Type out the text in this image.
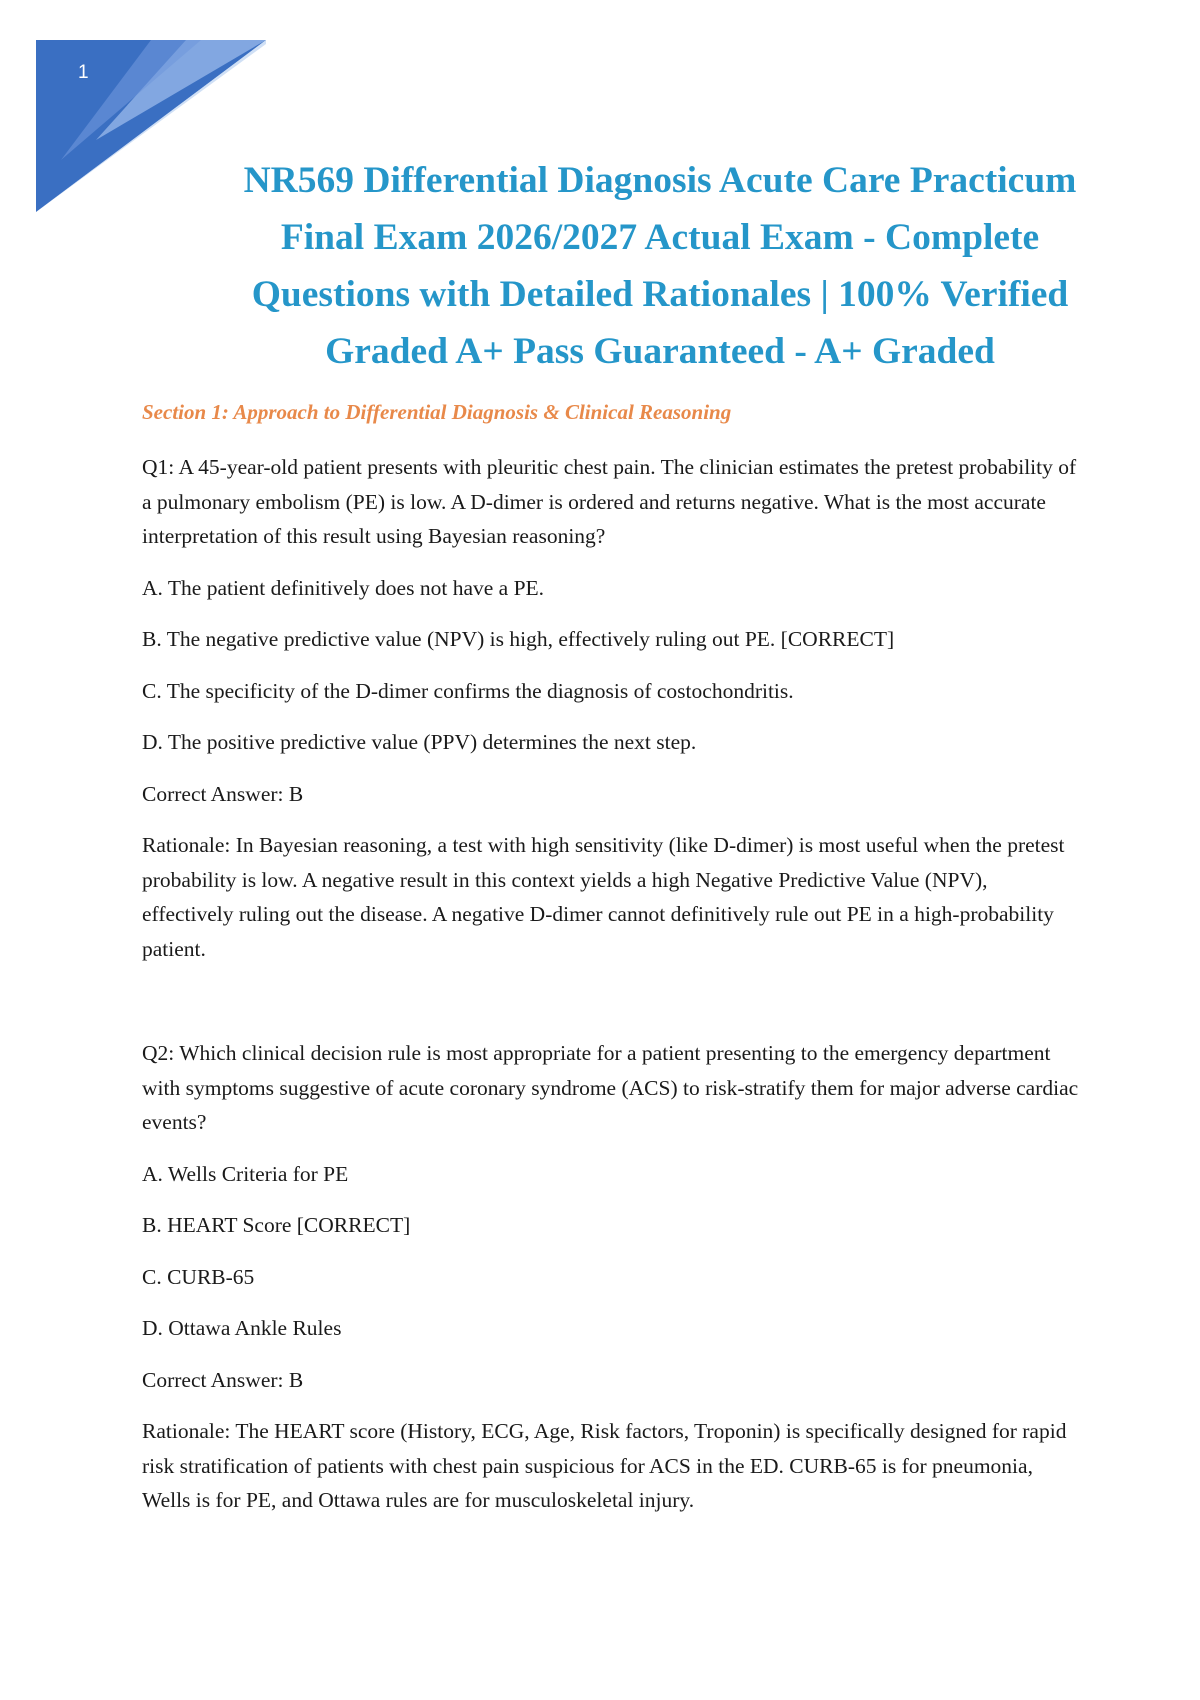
1
NR569 Differential Diagnosis Acute Care Practicum
Final Exam 2026/2027 Actual Exam - Complete
Questions with Detailed Rationales | 100% Verified
Graded A+ Pass Guaranteed - A+ Graded
Section 1: Approach to Differential Diagnosis & Clinical Reasoning

Q1: A 45-year-old patient presents with pleuritic chest pain. The clinician estimates the pretest probability of a pulmonary embolism (PE) is low. A D-dimer is ordered and returns negative. What is the most accurate interpretation of this result using Bayesian reasoning?

A. The patient definitively does not have a PE.

B. The negative predictive value (NPV) is high, effectively ruling out PE. [CORRECT]

C. The specificity of the D-dimer confirms the diagnosis of costochondritis.

D. The positive predictive value (PPV) determines the next step.

Correct Answer: B

Rationale: In Bayesian reasoning, a test with high sensitivity (like D-dimer) is most useful when the pretest probability is low. A negative result in this context yields a high Negative Predictive Value (NPV), effectively ruling out the disease. A negative D-dimer cannot definitively rule out PE in a high-probability patient.

Q2: Which clinical decision rule is most appropriate for a patient presenting to the emergency department with symptoms suggestive of acute coronary syndrome (ACS) to risk-stratify them for major adverse cardiac events?

A. Wells Criteria for PE

B. HEART Score [CORRECT]

C. CURB-65

D. Ottawa Ankle Rules

Correct Answer: B

Rationale: The HEART score (History, ECG, Age, Risk factors, Troponin) is specifically designed for rapid risk stratification of patients with chest pain suspicious for ACS in the ED. CURB-65 is for pneumonia, Wells is for PE, and Ottawa rules are for musculoskeletal injury.
